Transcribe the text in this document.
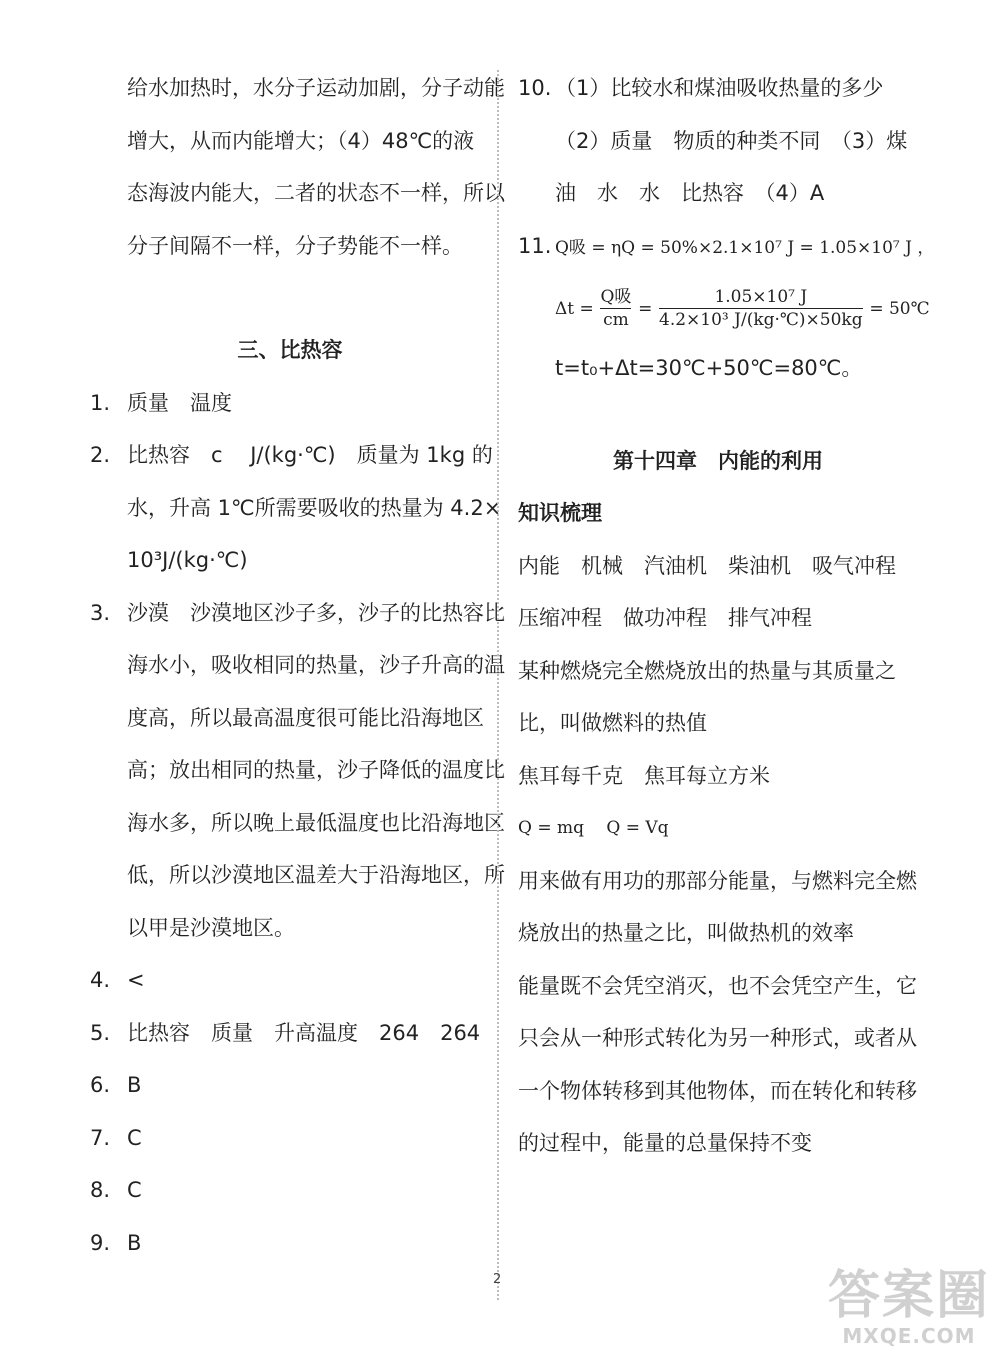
给水加热时，水分子运动加剧，分子动能
增大，从而内能增大；（4）48℃的液
态海波内能大，二者的状态不一样，所以
分子间隔不一样，分子势能不一样。
三、比热容
1. 质量　温度
2. 比热容　c　 J/(kg·℃)　质量为 1kg 的
水，升高 1℃所需要吸收的热量为 4.2×
10³J/(kg·℃)
3. 沙漠　沙漠地区沙子多，沙子的比热容比
海水小，吸收相同的热量，沙子升高的温
度高，所以最高温度很可能比沿海地区
高；放出相同的热量，沙子降低的温度比
海水多，所以晚上最低温度也比沿海地区
低，所以沙漠地区温差大于沿海地区，所
以甲是沙漠地区。
4. <
5. 比热容　质量　升高温度　264　264
6. B
7. C
8. C
9. B
10. （1）比较水和煤油吸收热量的多少
（2）质量　物质的种类不同　（3）煤
油　水　水　比热容　（4）A
11. Q吸 = ηQ = 50%×2.1×10⁷ J = 1.05×10⁷ J ，
$\Delta t = \frac{\text{Q吸}}{cm} = \frac{\text{1.05×10⁷ J}}{\text{4.2×10³ J/(kg·℃)×50kg}}$ = 50℃
t=t₀+Δt=30℃+50℃=80℃。
第十四章　内能的利用
知识梳理
内能　机械　汽油机　柴油机　吸气冲程
压缩冲程　做功冲程　排气冲程
某种燃烧完全燃烧放出的热量与其质量之
比，叫做燃料的热值
焦耳每千克　焦耳每立方米
Q = mq　 Q = Vq
用来做有用功的那部分能量，与燃料完全燃
烧放出的热量之比，叫做热机的效率
能量既不会凭空消灭，也不会凭空产生，它
只会从一种形式转化为另一种形式，或者从
一个物体转移到其他物体，而在转化和转移
的过程中，能量的总量保持不变
2	答案圈
MXQE.COM
